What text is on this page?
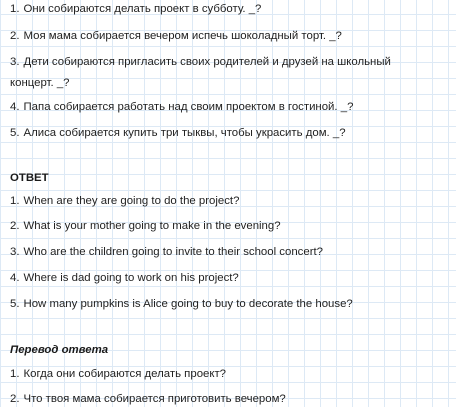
1. Они собираются делать проект в субботу. _?
2. Моя мама собирается вечером испечь шоколадный торт. _?
3. Дети собираются пригласить своих родителей и друзей на школьный
концерт. _?
4. Папа собирается работать над своим проектом в гостиной. _?
5. Алиса собирается купить три тыквы, чтобы украсить дом. _?
ОТВЕТ
1. When are they are going to do the project?
2. What is your mother going to make in the evening?
3. Who are the children going to invite to their school concert?
4. Where is dad going to work on his project?
5. How many pumpkins is Alice going to buy to decorate the house?
Перевод ответа
1. Когда они собираются делать проект?
2. Что твоя мама собирается приготовить вечером?
